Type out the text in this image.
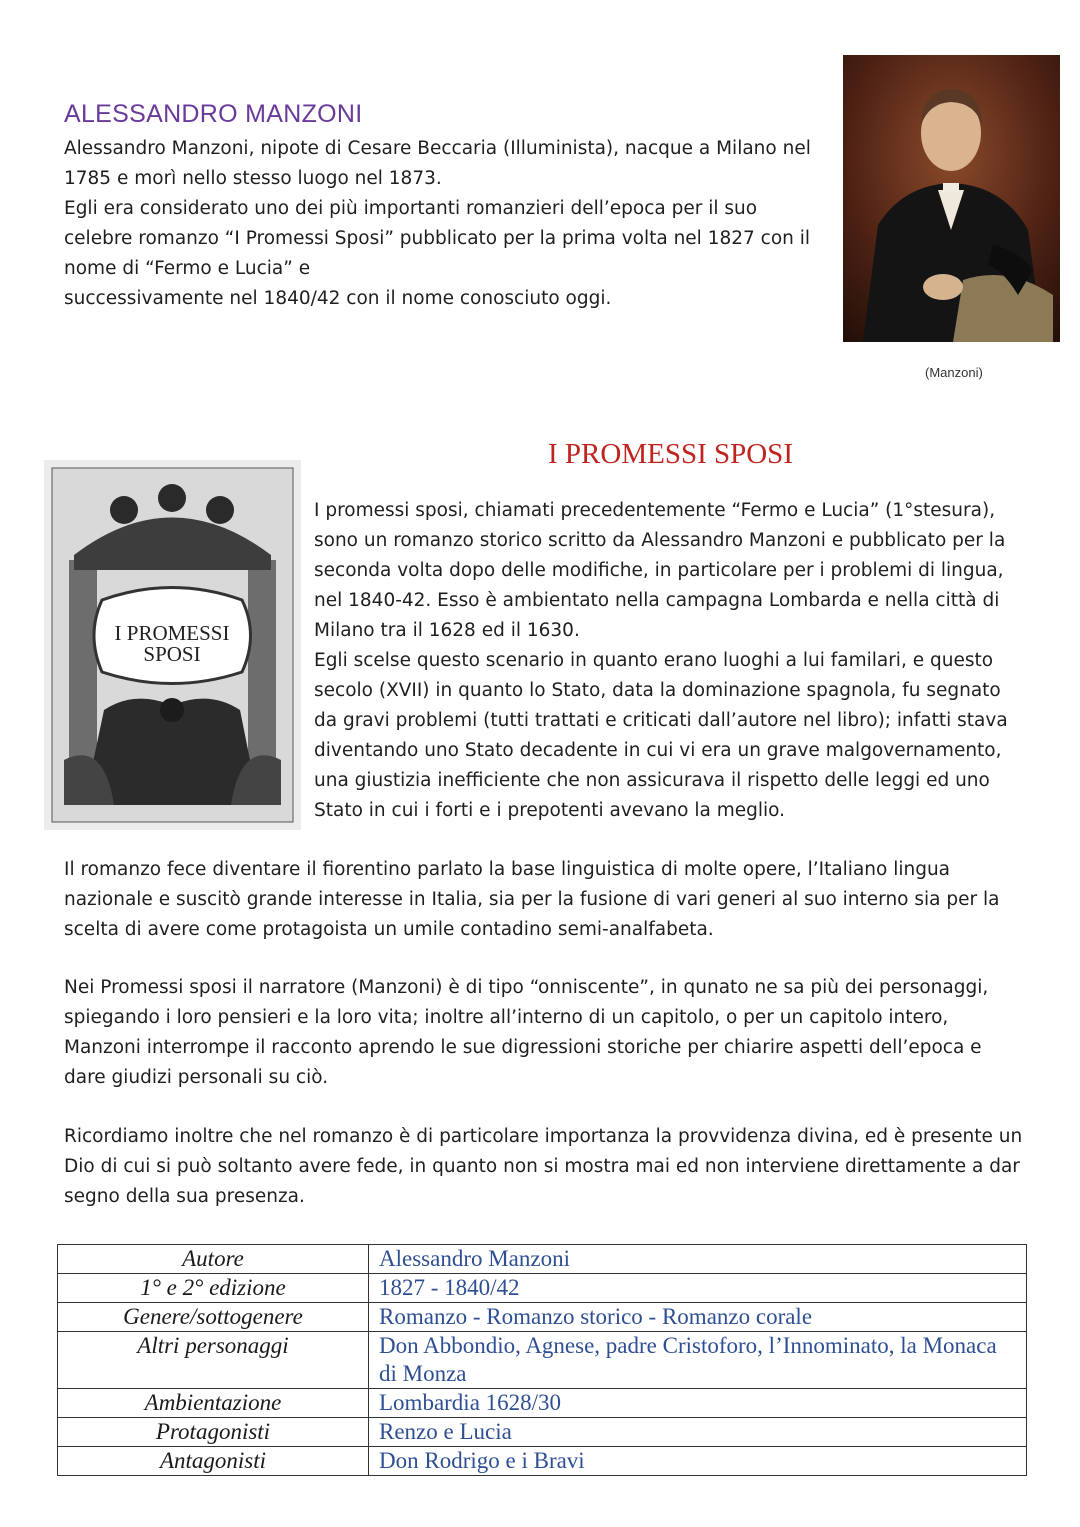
ALESSANDRO MANZONI

Alessandro Manzoni, nipote di Cesare Beccaria (Illuminista), nacque a Milano nel 1785 e morì nello stesso luogo nel 1873.

Egli era considerato uno dei più importanti romanzieri dell’epoca per il suo celebre romanzo “I Promessi Sposi” pubblicato per la prima volta nel 1827 con il nome di “Fermo e Lucia” e

successivamente nel 1840/42 con il nome conosciuto oggi.

(Manzoni)
I PROMESSI SPOSI
I PROMESSI
SPOSI

I promessi sposi, chiamati precedentemente “Fermo e Lucia” (1°stesura), sono un romanzo storico scritto da Alessandro Manzoni e pubblicato per la seconda volta dopo delle modifiche, in particolare per i problemi di lingua, nel 1840-42. Esso è ambientato nella campagna Lombarda e nella città di Milano tra il 1628 ed il 1630.

Egli scelse questo scenario in quanto erano luoghi a lui familari, e questo secolo (XVII) in quanto lo Stato, data la dominazione spagnola, fu segnato da gravi problemi (tutti trattati e criticati dall’autore nel libro); infatti stava diventando uno Stato decadente in cui vi era un grave malgovernamento, una giustizia inefficiente che non assicurava il rispetto delle leggi ed uno Stato in cui i forti e i prepotenti avevano la meglio.

Il romanzo fece diventare il fiorentino parlato la base linguistica di molte opere, l’Italiano lingua nazionale e suscitò grande interesse in Italia, sia per la fusione di vari generi al suo interno sia per la scelta di avere come protagoista un umile contadino semi-analfabeta.

Nei Promessi sposi il narratore (Manzoni) è di tipo “onniscente”, in qunato ne sa più dei personaggi, spiegando i loro pensieri e la loro vita; inoltre all’interno di un capitolo, o per un capitolo intero, Manzoni interrompe il racconto aprendo le sue digressioni storiche per chiarire aspetti dell’epoca e dare giudizi personali su ciò.

Ricordiamo inoltre che nel romanzo è di particolare importanza la provvidenza divina, ed è presente un Dio di cui si può soltanto avere fede, in quanto non si mostra mai ed non interviene direttamente a dar segno della sua presenza.

Autore	Alessandro Manzoni
1° e 2° edizione	1827 - 1840/42
Genere/sottogenere	Romanzo - Romanzo storico - Romanzo corale
Altri personaggi	Don Abbondio, Agnese, padre Cristoforo, l’Innominato, la Monaca di Monza
Ambientazione	Lombardia 1628/30
Protagonisti	Renzo e Lucia
Antagonisti	Don Rodrigo e i Bravi
